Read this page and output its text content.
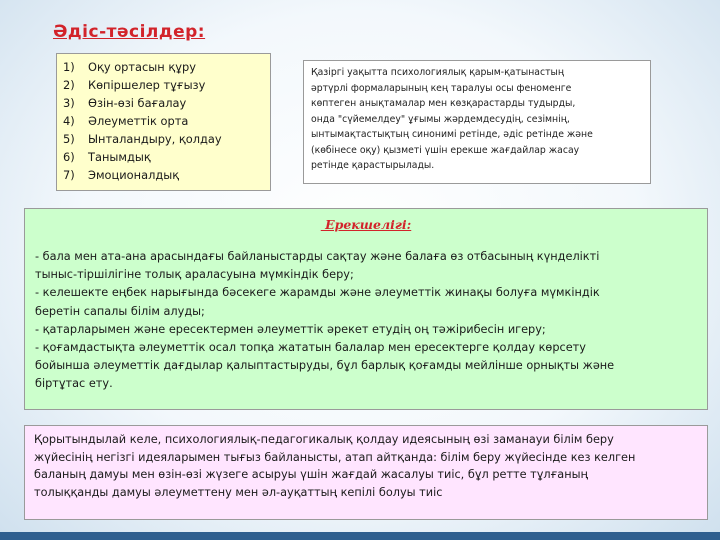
Әдіс-тәсілдер:
1)	Оқу ортасын құру
2)	Көпіршелер тұғызу
3)	Өзін-өзі бағалау
4)	Әлеуметтік орта
5)	Ынталандыру, қолдау
6)	Танымдық
7)	Эмоционалдық
Қазіргі уақытта психологиялық қарым-қатынастың
әртүрлі формаларының кең таралуы осы феноменге
көптеген анықтамалар мен көзқарастарды тудырды,
онда "сүйемелдеу" ұғымы жәрдемдесудің, сезімнің,
ынтымақтастықтың синонимі ретінде, әдіс ретінде және
(көбінесе оқу) қызметі үшін ерекше жағдайлар жасау
ретінде қарастырылады.
Ерекшелігі:
- бала мен ата-ана арасындағы байланыстарды сақтау және балаға өз отбасының күнделікті
тыныс-тіршілігіне толық араласуына мүмкіндік беру;
- келешекте еңбек нарығында бәсекеге жарамды және әлеуметтік жинақы болуға мүмкіндік
беретін сапалы білім алуды;
- қатарларымен және ересектермен әлеуметтік әрекет етудің оң тәжірибесін игеру;
- қоғамдастықта әлеуметтік осал топқа жататын балалар мен ересектерге қолдау көрсету
бойынша әлеуметтік дағдылар қалыптастыруды, бұл барлық қоғамды мейлінше орнықты және
біртұтас ету.
Қорытындылай келе, психологиялық-педагогикалық қолдау идеясының өзі заманауи білім беру
жүйесінің негізгі идеяларымен тығыз байланысты, атап айтқанда: білім беру жүйесінде кез келген
баланың дамуы мен өзін-өзі жүзеге асыруы үшін жағдай жасалуы тиіс, бұл ретте тұлғаның
толыққанды дамуы әлеуметтену мен әл-ауқаттың кепілі болуы тиіс
